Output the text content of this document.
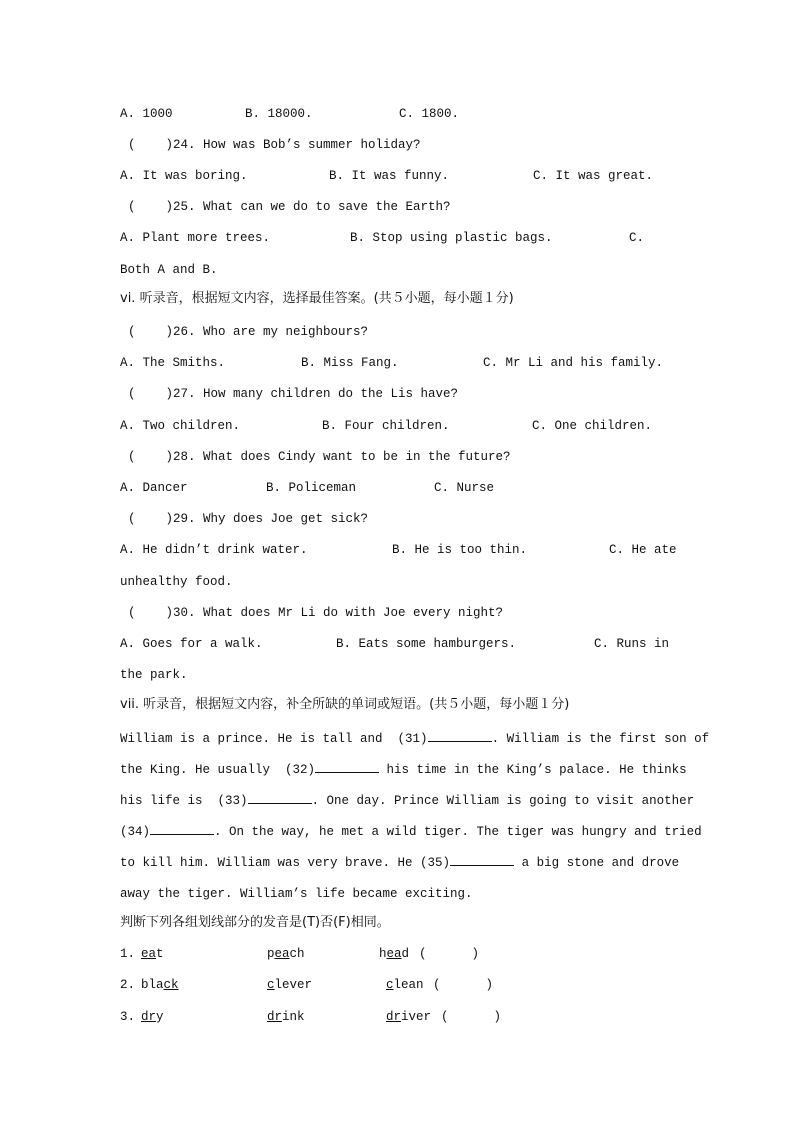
A. 1000	B. 18000.	C. 1800.
(    )24. How was Bob’s summer holiday?
A. It was boring.	B. It was funny.	C. It was great.
(    )25. What can we do to save the Earth?
A. Plant more trees.	B. Stop using plastic bags.	C.
Both A and B.
vi. 听录音，根据短文内容，选择最佳答案。(共５小题，每小题１分)
(    )26. Who are my neighbours?
A. The Smiths.	B. Miss Fang.	C. Mr Li and his family.
(    )27. How many children do the Lis have?
A. Two children.	B. Four children.	C. One children.
(    )28. What does Cindy want to be in the future?
A. Dancer	B. Policeman	C. Nurse
(    )29. Why does Joe get sick?
A. He didn’t drink water.	B. He is too thin.	C. He ate
unhealthy food.
(    )30. What does Mr Li do with Joe every night?
A. Goes for a walk.	B. Eats some hamburgers.	C. Runs in
the park.
vii. 听录音，根据短文内容，补全所缺的单词或短语。(共５小题，每小题１分)
William is a prince. He is tall and  (31)	. William is the first son of
the King. He usually  (32)	his time in the King’s palace. He thinks
his life is  (33)	. One day. Prince William is going to visit another
(34)	. On the way, he met a wild tiger. The tiger was hungry and tried
to kill him. William was very brave. He (35)	a big stone and drove
away the tiger. William’s life became exciting.
判断下列各组划线部分的发音是(T)否(F)相同。
1. eat	peach	head (      )
2. black	clever	clean (      )
3. dry	drink	driver (      )
